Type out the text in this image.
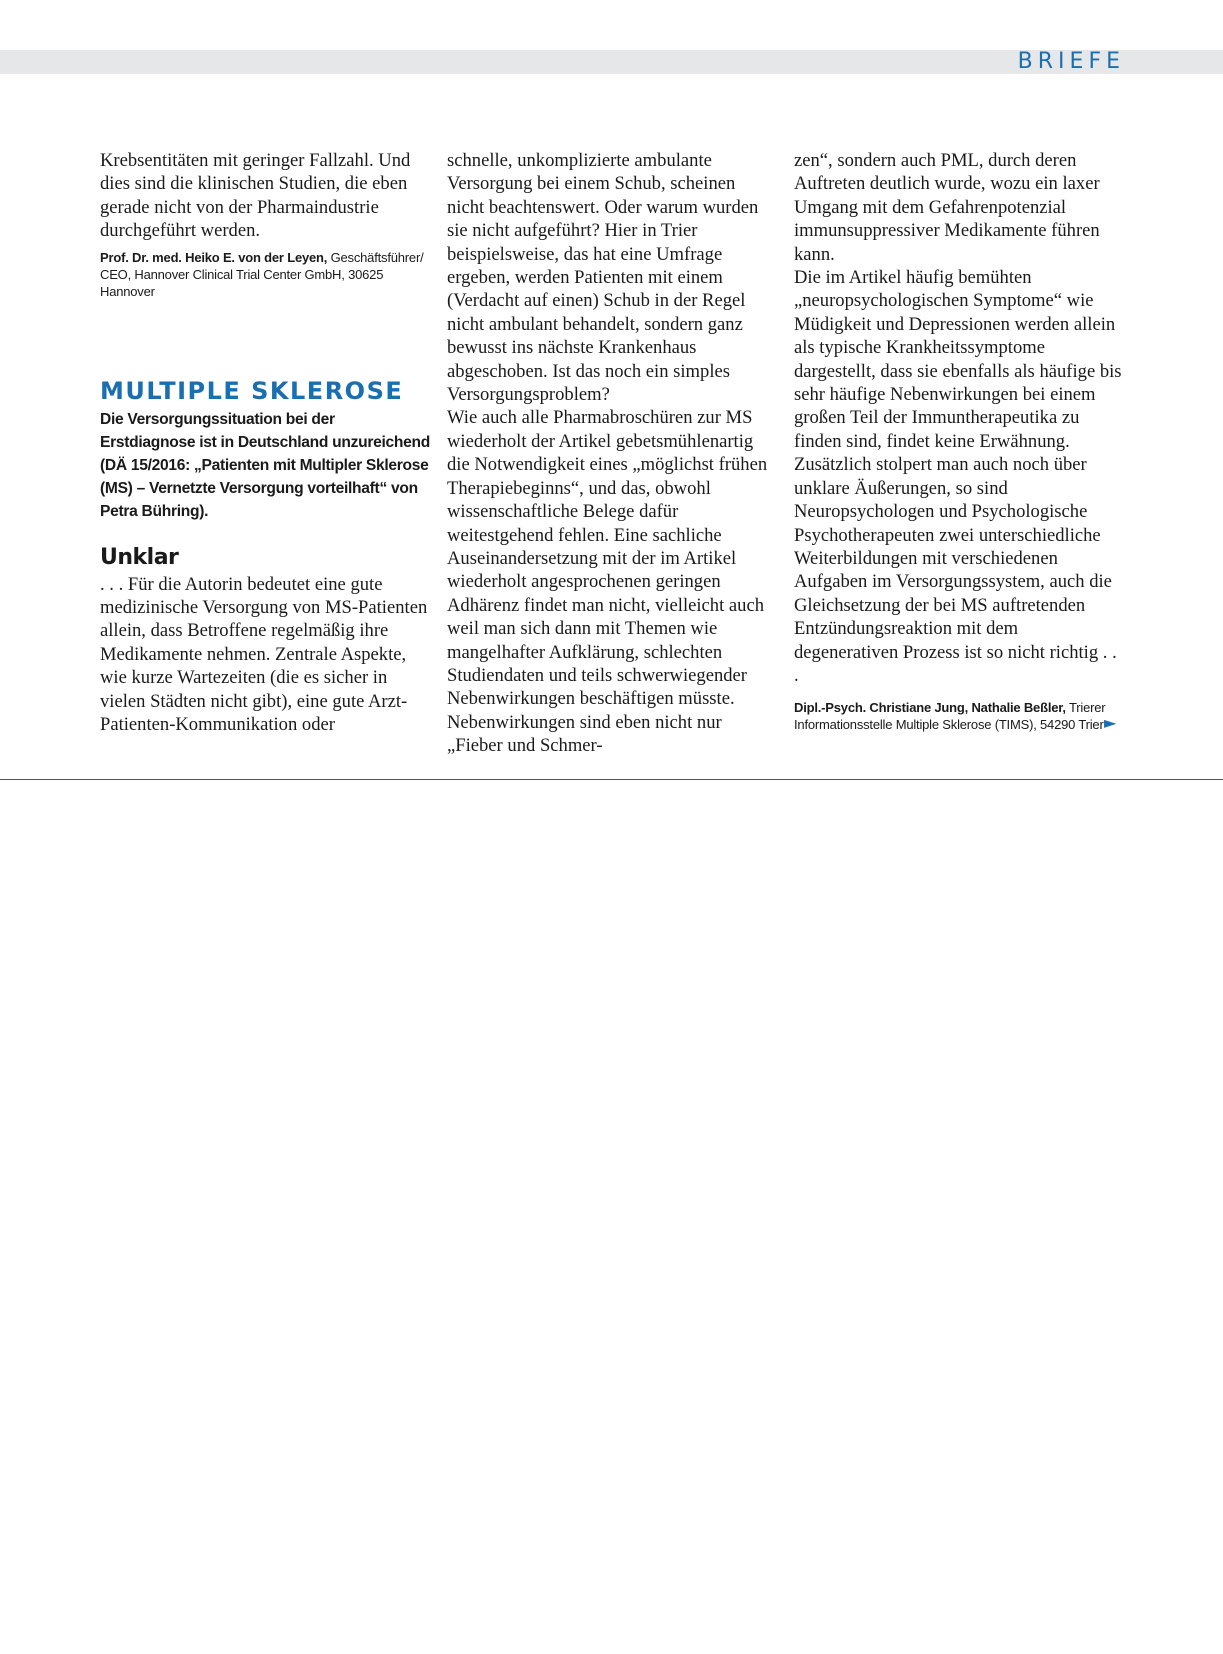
BRIEFE

Krebsentitäten mit geringer Fallzahl. Und dies sind die klinischen Studien, die eben gerade nicht von der Pharmaindustrie durchgeführt werden.

Prof. Dr. med. Heiko E. von der Leyen, Geschäftsführer/ CEO, Hannover Clinical Trial Center GmbH, 30625 Hannover

MULTIPLE SKLEROSE

Die Versorgungssituation bei der Erstdiagnose ist in Deutschland unzureichend (DÄ 15/2016: „Patienten mit Multipler Sklerose (MS) – Vernetzte Versorgung vorteilhaft“ von Petra Bühring).

Unklar

. . . Für die Autorin bedeutet eine gute medizinische Versorgung von MS-Patienten allein, dass Betroffene regelmäßig ihre Medikamente nehmen. Zentrale Aspekte, wie kurze Wartezeiten (die es sicher in vielen Städten nicht gibt), eine gute Arzt-Patienten-Kommunikation oder

schnelle, unkomplizierte ambulante Versorgung bei einem Schub, scheinen nicht beachtenswert. Oder warum wurden sie nicht aufgeführt? Hier in Trier beispielsweise, das hat eine Umfrage ergeben, werden Patienten mit einem (Verdacht auf einen) Schub in der Regel nicht ambulant behandelt, sondern ganz bewusst ins nächste Krankenhaus abgeschoben. Ist das noch ein simples Versorgungsproblem?

Wie auch alle Pharmabroschüren zur MS wiederholt der Artikel gebetsmühlenartig die Notwendigkeit eines „möglichst frühen Therapiebeginns“, und das, obwohl wissenschaftliche Belege dafür weitestgehend fehlen. Eine sachliche Auseinandersetzung mit der im Artikel wiederholt angesprochenen geringen Adhärenz findet man nicht, vielleicht auch weil man sich dann mit Themen wie mangelhafter Aufklärung, schlechten Studiendaten und teils schwerwiegender Nebenwirkungen beschäftigen müsste. Nebenwirkungen sind eben nicht nur „Fieber und Schmer-

zen“, sondern auch PML, durch deren Auftreten deutlich wurde, wozu ein laxer Umgang mit dem Gefahrenpotenzial immunsuppressiver Medikamente führen kann.

Die im Artikel häufig bemühten „neuropsychologischen Symptome“ wie Müdigkeit und Depressionen werden allein als typische Krankheitssymptome dargestellt, dass sie ebenfalls als häufige bis sehr häufige Nebenwirkungen bei einem großen Teil der Immuntherapeutika zu finden sind, findet keine Erwähnung.

Zusätzlich stolpert man auch noch über unklare Äußerungen, so sind Neuropsychologen und Psychologische Psychotherapeuten zwei unterschiedliche Weiterbildungen mit verschiedenen Aufgaben im Versorgungssystem, auch die Gleichsetzung der bei MS auftretenden Entzündungsreaktion mit dem degenerativen Prozess ist so nicht richtig . . .

Dipl.-Psych. Christiane Jung, Nathalie Beßler, Trierer Informationsstelle Multiple Sklerose (TIMS), 54290 Trier ►
